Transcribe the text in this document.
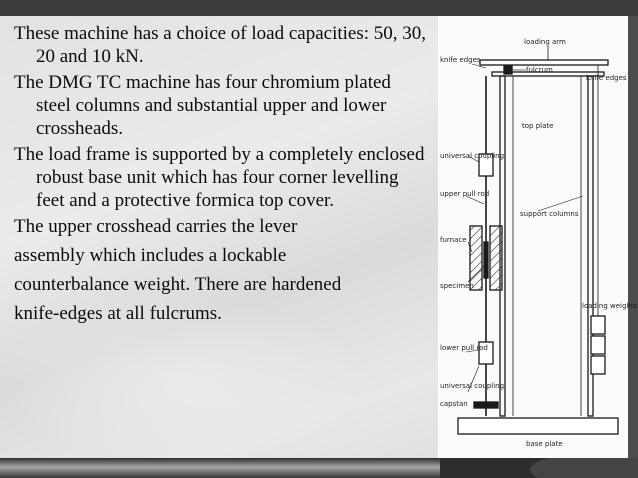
These machine has a choice of load capacities: 50, 30, 20 and 10 kN.

The DMG TC machine has four chromium plated steel columns and substantial upper and lower crossheads.

The load frame is supported by a completely enclosed robust base unit which has four corner levelling feet and a protective formica top cover.

The upper crosshead carries the lever

assembly which includes a lockable

counterbalance weight. There are hardened

knife-edges at all fulcrums.

loading arm
knife edges
fulcrum
knife edges
top plate
universal coupling
upper pull rod
support columns
furnace
specimen
lower pull rod
universal coupling
capstan
loading weights
base plate
